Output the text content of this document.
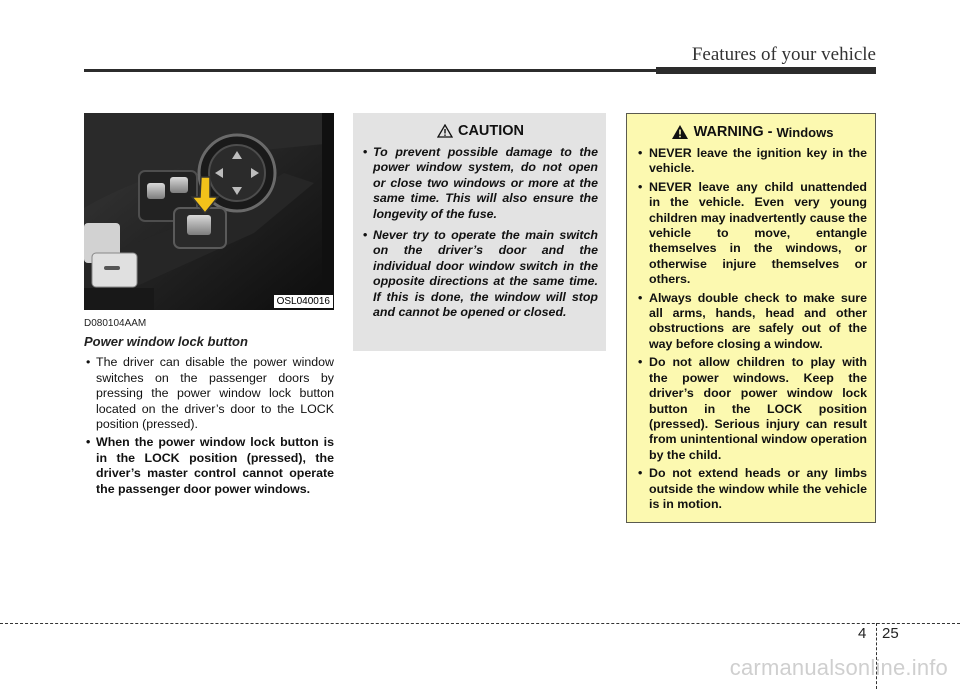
Features of your vehicle
OSL040016
D080104AAM
Power window lock button
• The driver can disable the power window switches on the passenger doors by pressing the power window lock button located on the driver’s door to the LOCK position (pressed).
• When the power window lock button is in the LOCK position (pressed), the driver’s master control cannot operate the passenger door power windows.
CAUTION
• To prevent possible damage to the power window system, do not open or close two windows or more at the same time. This will also ensure the longevity of the fuse.
• Never try to operate the main switch on the driver’s door and the individual door window switch in the opposite directions at the same time. If this is done, the window will stop and cannot be opened or closed.
WARNING - Windows
• NEVER leave the ignition key in the vehicle.
• NEVER leave any child unattended in the vehicle. Even very young children may inadvertently cause the vehicle to move, entangle themselves in the windows, or otherwise injure themselves or others.
• Always double check to make sure all arms, hands, head and other obstructions are safely out of the way before closing a window.
• Do not allow children to play with the power windows. Keep the driver’s door power window lock button in the LOCK position (pressed). Serious injury can result from unintentional window operation by the child.
• Do not extend heads or any limbs outside the window while the vehicle is in motion.
4 25
carmanualsonline.info
